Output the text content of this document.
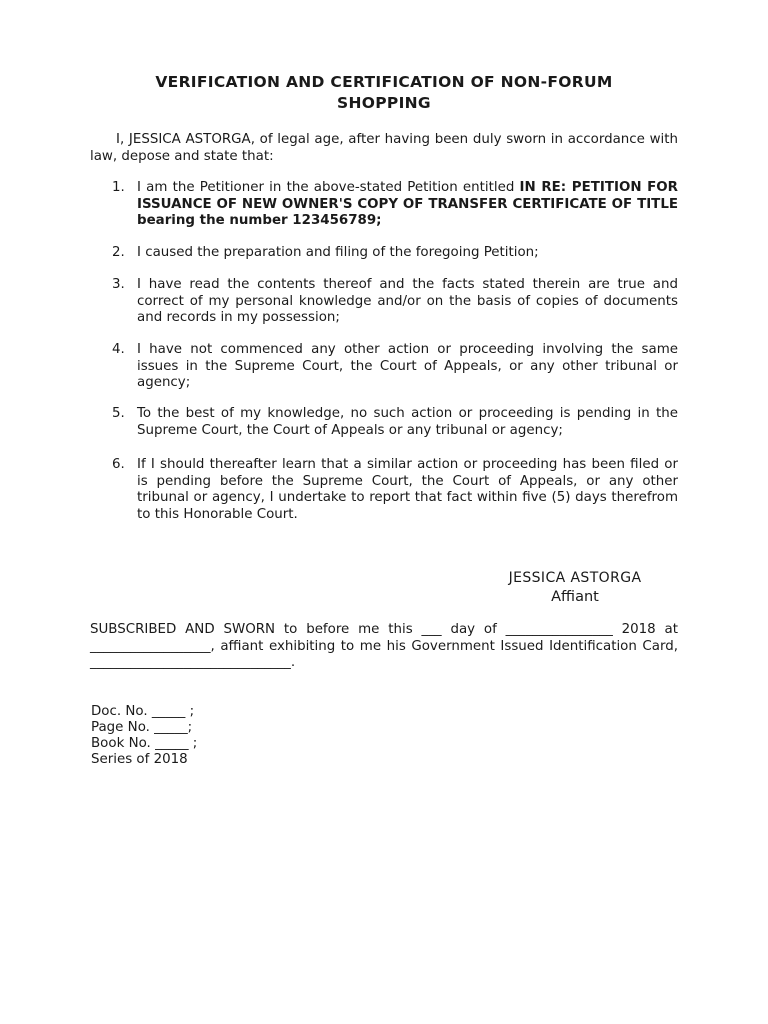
VERIFICATION AND CERTIFICATION OF NON-FORUM
SHOPPING
I, JESSICA ASTORGA, of legal age, after having been duly sworn in accordance with law, depose and state that:
1. I am the Petitioner in the above-stated Petition entitled IN RE: PETITION FOR ISSUANCE OF NEW OWNER'S COPY OF TRANSFER CERTIFICATE OF TITLE bearing the number 123456789;
2. I caused the preparation and filing of the foregoing Petition;
3. I have read the contents thereof and the facts stated therein are true and correct of my personal knowledge and/or on the basis of copies of documents and records in my possession;
4. I have not commenced any other action or proceeding involving the same issues in the Supreme Court, the Court of Appeals, or any other tribunal or agency;
5. To the best of my knowledge, no such action or proceeding is pending in the Supreme Court, the Court of Appeals or any tribunal or agency;
6. If I should thereafter learn that a similar action or proceeding has been filed or is pending before the Supreme Court, the Court of Appeals, or any other tribunal or agency, I undertake to report that fact within five (5) days therefrom to this Honorable Court.
JESSICA ASTORGA
Affiant
SUBSCRIBED AND SWORN to before me this ___ day of ________________ 2018 at __________________, affiant exhibiting to me his Government Issued Identification Card, ______________________________.
Doc. No. _____ ;
Page No. _____;
Book No. _____ ;
Series of 2018
